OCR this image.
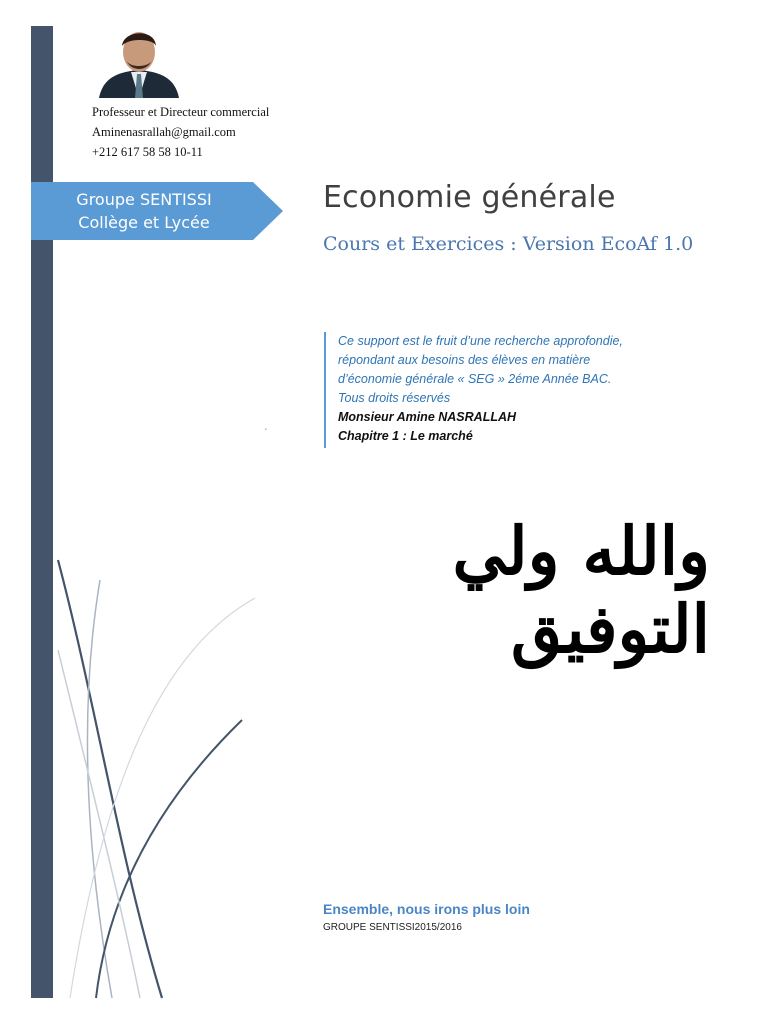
Professeur et Directeur commercial
Aminenasrallah@gmail.com
+212 617 58 58 10-11
Groupe SENTISSI
Collège et Lycée
Economie générale
Cours et Exercices : Version EcoAf 1.0
Ce support est le fruit d’une recherche approfondie,
répondant aux besoins des élèves en matière
d’économie générale « SEG » 2éme Année BAC.
Tous droits réservés
Monsieur Amine NASRALLAH
Chapitre 1 : Le marché
ˏ
والله ولي التوفيق
Ensemble, nous irons plus loin
GROUPE SENTISSI2015/2016
